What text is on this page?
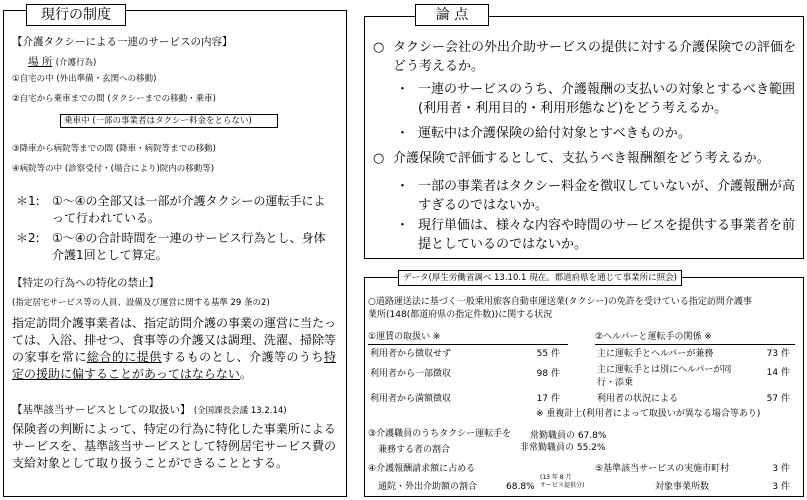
現行の制度
【介護タクシーによる一連のサービスの内容】
場 所 (介護行為)
①自宅の中 (外出準備・玄関への移動)
②自宅から乗車までの間 (タクシーまでの移動・乗車)
乗車中 (一部の事業者はタクシー料金をとらない)
③降車から病院等までの間 (降車・病院等までの移動)
④病院等の中 (診察受付・(場合により)院内の移動等)
＊1: ①～④の全部又は一部が介護タクシーの運転手によって行われている。
＊2: ①～④の合計時間を一連のサービス行為とし、身体介護1回として算定。
【特定の行為への特化の禁止】
(指定居宅サービス等の人員、設備及び運営に関する基準 29 条の2)
指定訪問介護事業者は、指定訪問介護の事業の運営に当たっては、入浴、排せつ、食事等の介護又は調理、洗濯、掃除等の家事を常に総合的に提供するものとし、介護等のうち特定の援助に偏することがあってはならない。
【基準該当サービスとしての取扱い】 (全国課長会議 13.2.14)
保険者の判断によって、特定の行為に特化した事業所によるサービスを、基準該当サービスとして特例居宅サービス費の支給対象として取り扱うことができることとする。
論 点
○ タクシー会社の外出介助サービスの提供に対する介護保険での評価をどう考えるか。
・ 一連のサービスのうち、介護報酬の支払いの対象とするべき範囲(利用者・利用目的・利用形態など)をどう考えるか。
・ 運転中は介護保険の給付対象とすべきものか。
○ 介護保険で評価するとして、支払うべき報酬額をどう考えるか。
・ 一部の事業者はタクシー料金を徴収していないが、介護報酬が高すぎるのではないか。
・ 現行単価は、様々な内容や時間のサービスを提供する事業者を前提としているのではないか。
データ(厚生労働省調べ 13.10.1 現在。都道府県を通じて事業所に照会)
○道路運送法に基づく一般乗用旅客自動車運送業(タクシー)の免許を受けている指定訪問介護事
業所(148(都道府県の指定件数))に関する状況
①運賃の取扱い ※
利用者から徴収せず	55 件
利用者から一部徴収	98 件
利用者から満額徴収	17 件
②ヘルパーと運転手の関係 ※
主に運転手とヘルパーが兼務	73 件
主に運転手とは別にヘルパーが同行・添乗
14 件
利用者の状況による	57 件
※ 重複計上(利用者によって取扱いが異なる場合等あり)
③介護職員のうちタクシー運転手を
兼務する者の割合
常勤職員の 67.8%
非常勤職員の 55.2%
④介護報酬請求額に占める
通院・外出介助額の割合	68.8%
(13 年 8 月
サービス提供分)
⑤基準該当サービスの実施市町村	3 件
対象事業所数	3 件
